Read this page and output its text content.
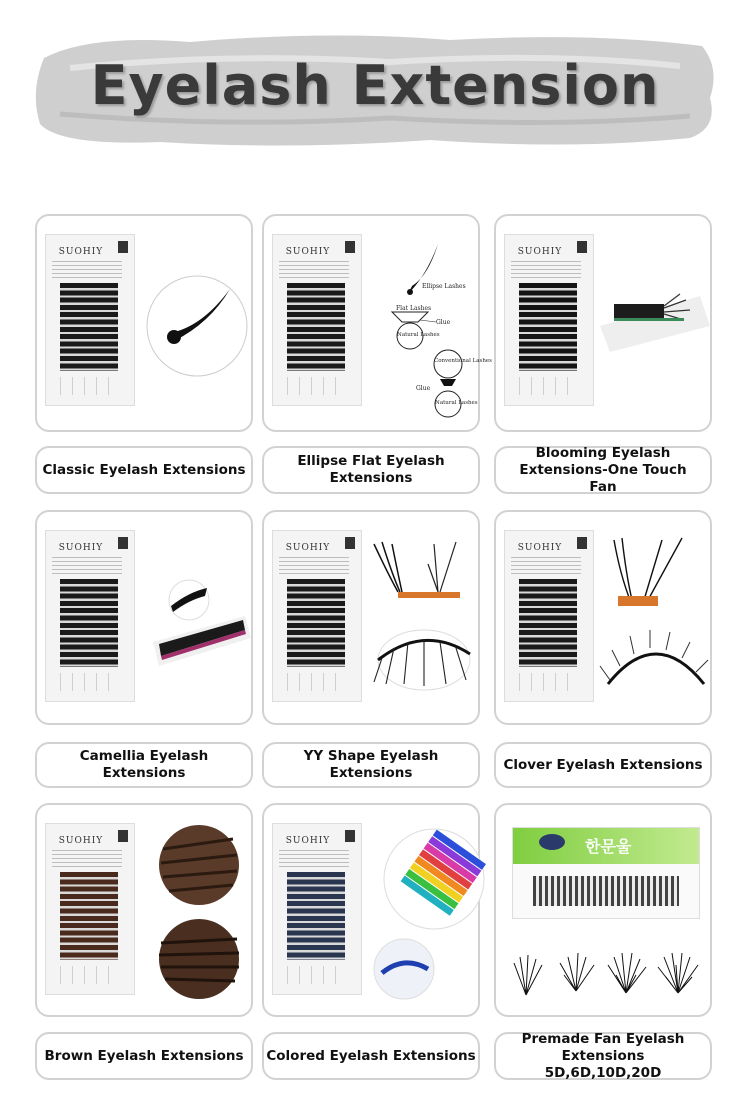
Eyelash Extension
SUOHIY	SUOHIY
Ellipse Lashes
Flat Lashes
Glue
Natural Lashes
Conventional Lashes
Glue
Natural Lashes
SUOHIY
Classic Eyelash Extensions
Ellipse Flat Eyelash Extensions
Blooming Eyelash Extensions-One Touch Fan
SUOHIY	SUOHIY	SUOHIY
Camellia Eyelash Extensions
YY Shape Eyelash Extensions
Clover Eyelash Extensions
SUOHIY	SUOHIY	한문울
Brown Eyelash Extensions	Colored Eyelash Extensions
Premade Fan Eyelash Extensions 5D,6D,10D,20D
